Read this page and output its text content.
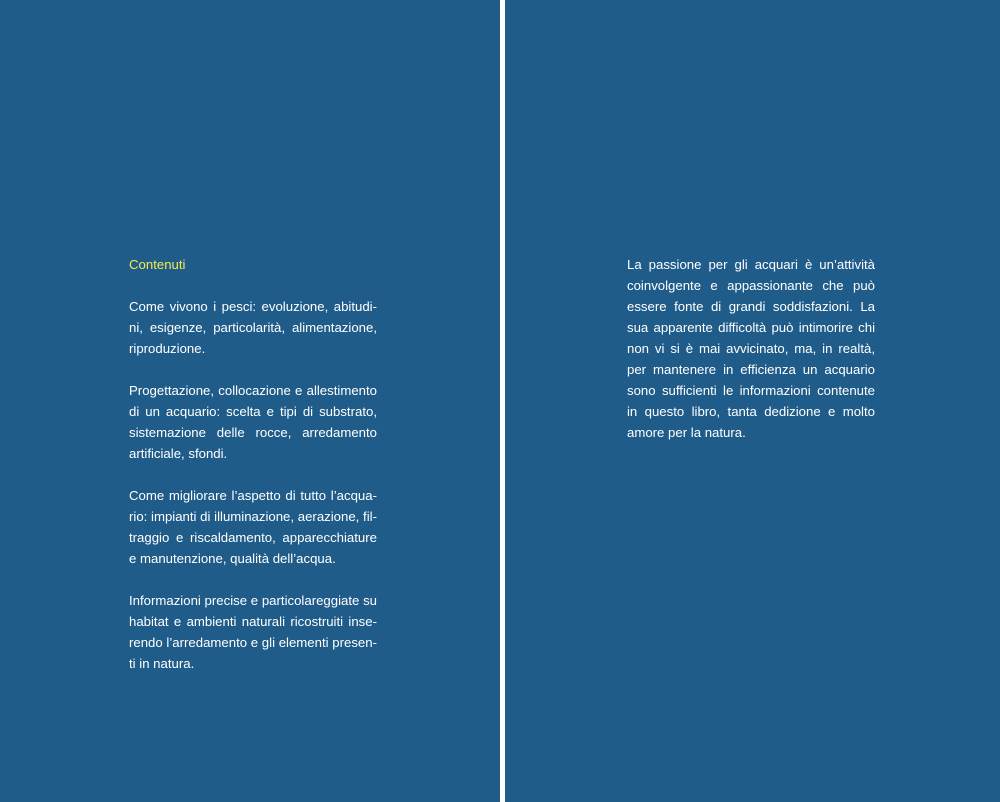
Contenuti

Come vivono i pesci: evoluzione, abitudini, esigenze, particolarità, alimentazione, riproduzione.

Progettazione, collocazione e allestimento di un acquario: scelta e tipi di substrato, sistemazione delle rocce, arredamento artificiale, sfondi.

Come migliorare l’aspetto di tutto l’acquario: impianti di illuminazione, aerazione, filtraggio e riscaldamento, apparecchiature e manutenzione, qualità dell’acqua.

Informazioni precise e particolareggiate su habitat e ambienti naturali ricostruiti inserendo l’arredamento e gli elementi presenti in natura.

La passione per gli acquari è un’attività coinvolgente e appassionante che può essere fonte di grandi soddisfazioni. La sua apparente difficoltà può intimorire chi non vi si è mai avvicinato, ma, in realtà, per mantenere in efficienza un acquario sono sufficienti le informazioni contenute in questo libro, tanta dedizione e molto amore per la natura.
